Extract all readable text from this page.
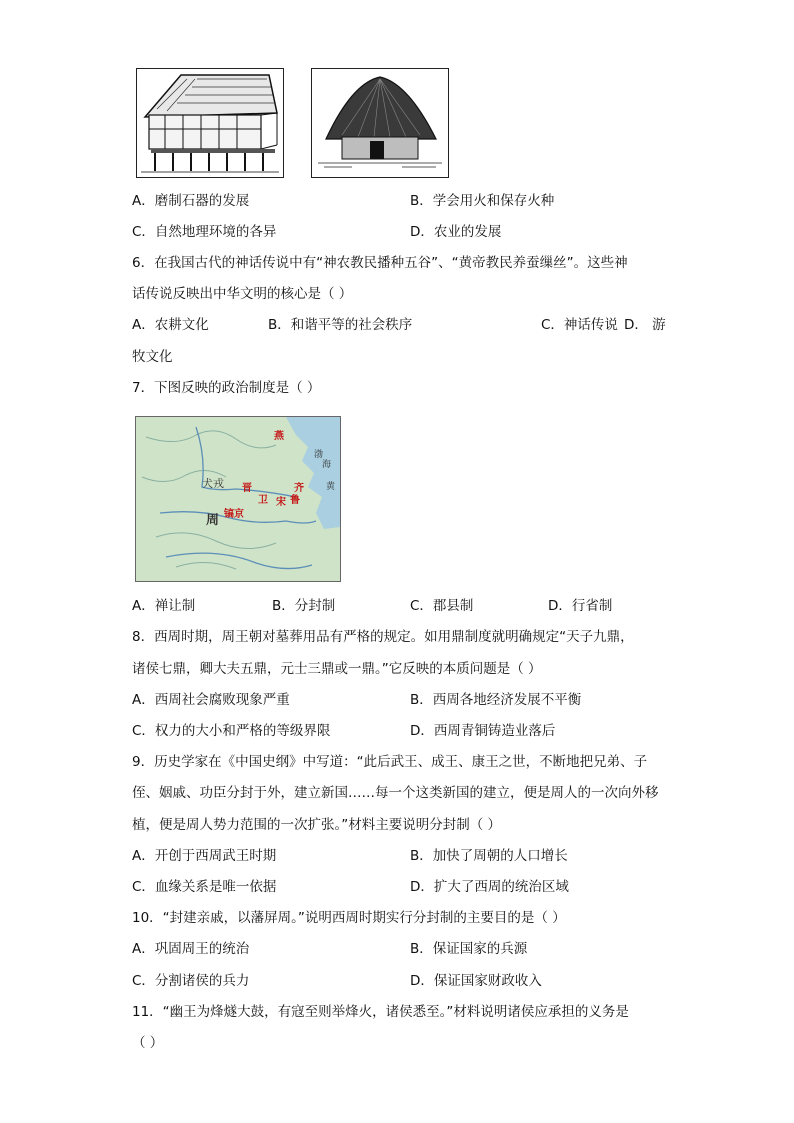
A．磨制石器的发展	B．学会用火和保存火种
C．自然地理环境的各异	D．农业的发展
6．在我国古代的神话传说中有“神农教民播种五谷”、“黄帝教民养蚕缫丝”。这些神
话传说反映出中华文明的核心是（ ）
A．农耕文化	B．和谐平等的社会秩序	C．神话传说 D． 游
牧文化
7．下图反映的政治制度是（ ）
犬戎
周 镐京
燕
晋
卫 宋
齐
鲁
渤
海
黄
A．禅让制	B．分封制	C．郡县制	D．行省制
8．西周时期，周王朝对墓葬用品有严格的规定。如用鼎制度就明确规定“天子九鼎，
诸侯七鼎，卿大夫五鼎，元士三鼎或一鼎。”它反映的本质问题是（ ）
A．西周社会腐败现象严重	B．西周各地经济发展不平衡
C．权力的大小和严格的等级界限	D．西周青铜铸造业落后
9．历史学家在《中国史纲》中写道：“此后武王、成王、康王之世，不断地把兄弟、子
侄、姻戚、功臣分封于外，建立新国……每一个这类新国的建立，便是周人的一次向外移
植，便是周人势力范围的一次扩张。”材料主要说明分封制（ ）
A．开创于西周武王时期	B．加快了周朝的人口增长
C．血缘关系是唯一依据	D．扩大了西周的统治区域
10．“封建亲戚，以藩屏周。”说明西周时期实行分封制的主要目的是（ ）
A．巩固周王的统治	B．保证国家的兵源
C．分割诸侯的兵力	D．保证国家财政收入
11．“幽王为烽燧大鼓，有寇至则举烽火，诸侯悉至。”材料说明诸侯应承担的义务是
（ ）
